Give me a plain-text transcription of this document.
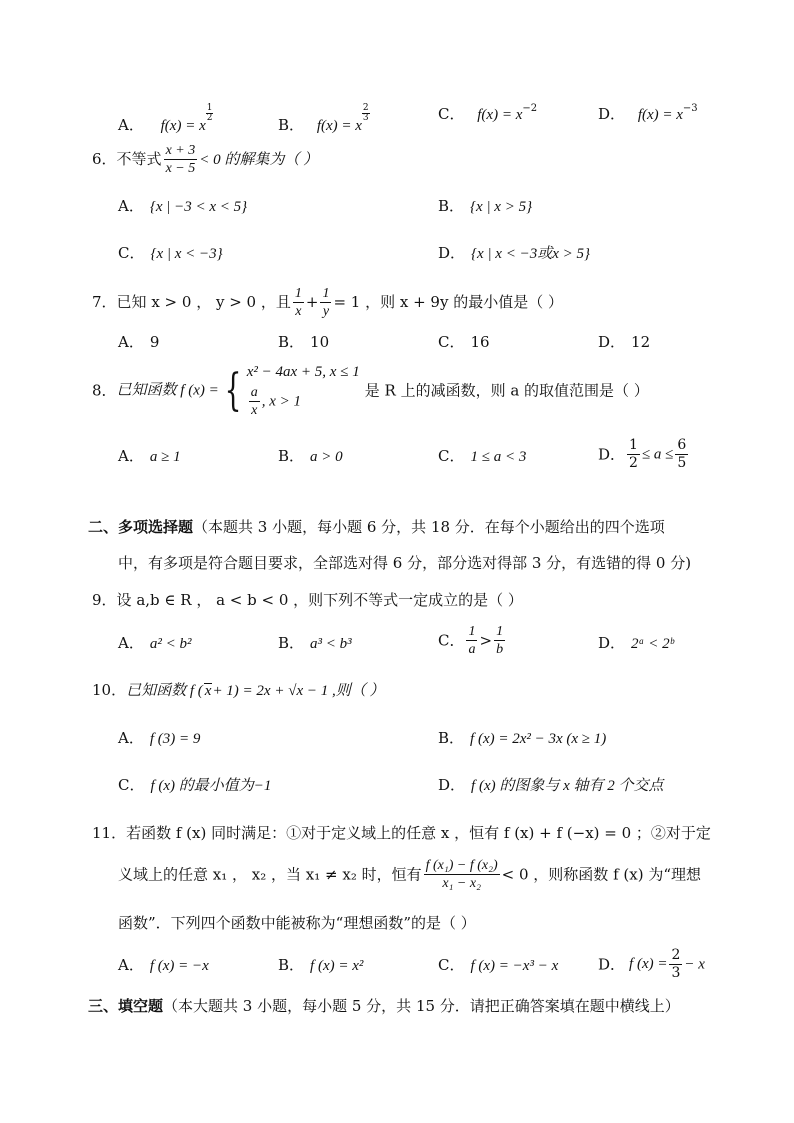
A． f(x) = x
$\frac{1}{2}$
B． f(x) = x
$\frac{2}{3}$	C． $f(x) = x^{-2}$	D． $f(x) = x^{-3}$
6．不等式 $\frac{x + 3}{x - 5} < 0$ 的解集为（ ）
A． {x | −3 < x < 5}	B． {x | x > 5}
C． {x | x < −3}	D． {x | x < −3或x > 5}
7．已知 x > 0 ， y > 0 ，且 $\frac{1}{x} + \frac{1}{y} = 1$ ，则 x + 9y 的最小值是（ ）
A． 9	B． 10	C． 16	D． 12
8．已知函数 f (x) = { x² − 4ax + 5, x ≤ 1
$\frac{a}{x}$ , x > 1
是 R 上的减函数，则 a 的取值范围是（ ）
A． a ≥ 1	B． a > 0	C． 1 ≤ a < 3	D． $\frac{1}{2} \le a \le \frac{6}{5}$
二、多项选择题（本题共 3 小题，每小题 6 分，共 18 分．在每个小题给出的四个选项
中，有多项是符合题目要求，全部选对得 6 分，部分选对得部 3 分，有选错的得 0 分)
9．设 a,b ∈ R ， a < b < 0 ，则下列不等式一定成立的是（ ）
A． a² < b²	B． a³ < b³	C． $\frac{1}{a} > \frac{1}{b}$	D． 2ᵃ < 2ᵇ
10．已知函数 f ( x+ 1) = 2x + √x − 1 ,则（ ）
A． f (3) = 9	B． f (x) = 2x² − 3x (x ≥ 1)
C． f (x) 的最小值为−1	D． f (x) 的图象与 x 轴有 2 个交点
11．若函数 f (x) 同时满足：①对于定义域上的任意 x ，恒有 f (x) + f (−x) = 0 ；②对于定
义域上的任意 x₁ ， x₂ ，当 x₁ ≠ x₂ 时，恒有 $\frac{\text{f (x₁) − f (x₂)}}{\text{x₁ − x₂}} < 0$ ，则称函数 f (x) 为“理想
函数”．下列四个函数中能被称为“理想函数”的是（ ）
A． f (x) = −x	B． f (x) = x²	C． f (x) = −x³ − x	D． f $(x) = \frac{2}{3} - x$
三、填空题（本大题共 3 小题，每小题 5 分，共 15 分．请把正确答案填在题中横线上）
